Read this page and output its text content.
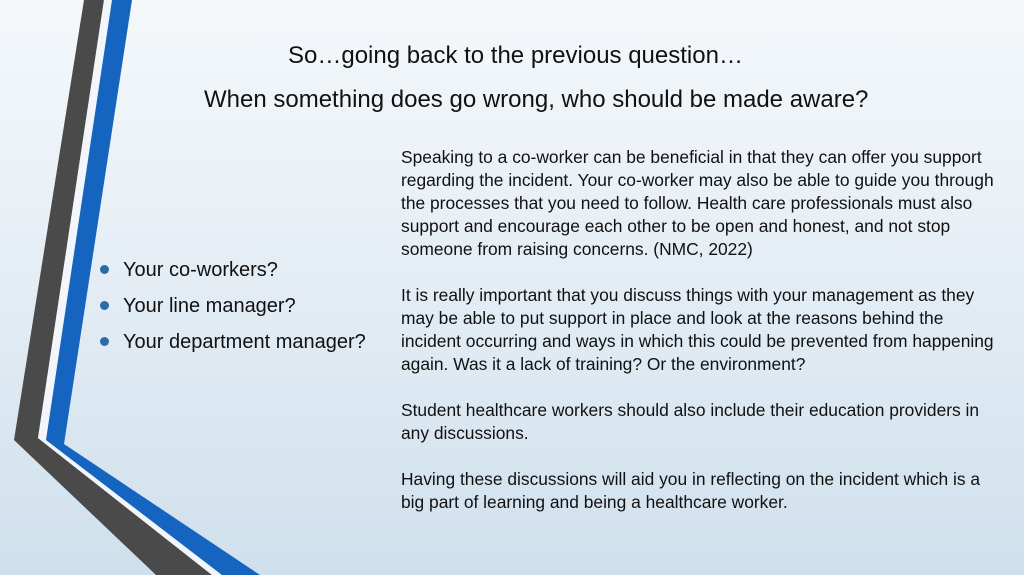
So…going back to the previous question…
When something does go wrong, who should be made aware?
Your co-workers?
Your line manager?
Your department manager?

Speaking to a co-worker can be beneficial in that they can offer you support regarding the incident. Your co-worker may also be able to guide you through the processes that you need to follow. Health care professionals must also support and encourage each other to be open and honest, and not stop someone from raising concerns. (NMC, 2022)

It is really important that you discuss things with your management as they may be able to put support in place and look at the reasons behind the incident occurring and ways in which this could be prevented from happening again. Was it a lack of training? Or the environment?

Student healthcare workers should also include their education providers in any discussions.

Having these discussions will aid you in reflecting on the incident which is a big part of learning and being a healthcare worker.
